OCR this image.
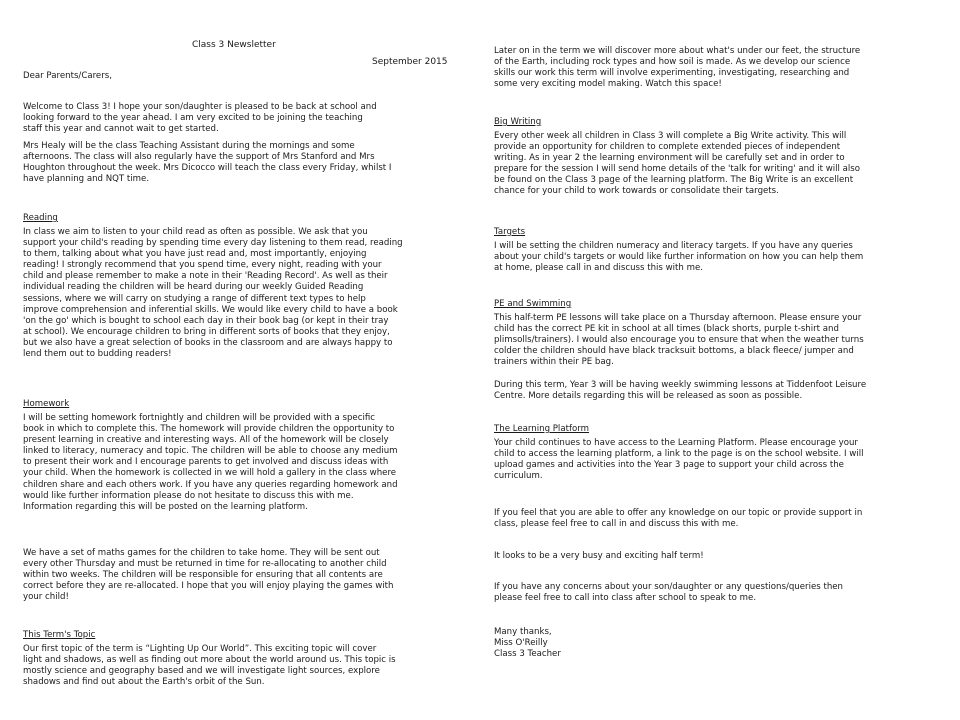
Class 3 Newsletter
September 2015

Dear Parents/Carers,

Welcome to Class 3! I hope your son/daughter is pleased to be back at school and
looking forward to the year ahead. I am very excited to be joining the teaching
staff this year and cannot wait to get started.

Mrs Healy will be the class Teaching Assistant during the mornings and some
afternoons. The class will also regularly have the support of Mrs Stanford and Mrs
Houghton throughout the week. Mrs Dicocco will teach the class every Friday, whilst I
have planning and NQT time.

Reading

In class we aim to listen to your child read as often as possible. We ask that you
support your child's reading by spending time every day listening to them read, reading
to them, talking about what you have just read and, most importantly, enjoying
reading! I strongly recommend that you spend time, every night, reading with your
child and please remember to make a note in their 'Reading Record'. As well as their
individual reading the children will be heard during our weekly Guided Reading
sessions, where we will carry on studying a range of different text types to help
improve comprehension and inferential skills. We would like every child to have a book
'on the go' which is bought to school each day in their book bag (or kept in their tray
at school). We encourage children to bring in different sorts of books that they enjoy,
but we also have a great selection of books in the classroom and are always happy to
lend them out to budding readers!

Homework

I will be setting homework fortnightly and children will be provided with a specific
book in which to complete this. The homework will provide children the opportunity to
present learning in creative and interesting ways. All of the homework will be closely
linked to literacy, numeracy and topic. The children will be able to choose any medium
to present their work and I encourage parents to get involved and discuss ideas with
your child. When the homework is collected in we will hold a gallery in the class where
children share and each others work. If you have any queries regarding homework and
would like further information please do not hesitate to discuss this with me.
Information regarding this will be posted on the learning platform.

We have a set of maths games for the children to take home. They will be sent out
every other Thursday and must be returned in time for re-allocating to another child
within two weeks. The children will be responsible for ensuring that all contents are
correct before they are re-allocated. I hope that you will enjoy playing the games with
your child!

This Term's Topic

Our first topic of the term is “Lighting Up Our World”. This exciting topic will cover
light and shadows, as well as finding out more about the world around us. This topic is
mostly science and geography based and we will investigate light sources, explore
shadows and find out about the Earth's orbit of the Sun.

Later on in the term we will discover more about what's under our feet, the structure
of the Earth, including rock types and how soil is made. As we develop our science
skills our work this term will involve experimenting, investigating, researching and
some very exciting model making. Watch this space!

Big Writing

Every other week all children in Class 3 will complete a Big Write activity. This will
provide an opportunity for children to complete extended pieces of independent
writing. As in year 2 the learning environment will be carefully set and in order to
prepare for the session I will send home details of the 'talk for writing' and it will also
be found on the Class 3 page of the learning platform. The Big Write is an excellent
chance for your child to work towards or consolidate their targets.

Targets

I will be setting the children numeracy and literacy targets. If you have any queries
about your child's targets or would like further information on how you can help them
at home, please call in and discuss this with me.

PE and Swimming

This half-term PE lessons will take place on a Thursday afternoon. Please ensure your
child has the correct PE kit in school at all times (black shorts, purple t-shirt and
plimsolls/trainers). I would also encourage you to ensure that when the weather turns
colder the children should have black tracksuit bottoms, a black fleece/ jumper and
trainers within their PE bag.

During this term, Year 3 will be having weekly swimming lessons at Tiddenfoot Leisure
Centre. More details regarding this will be released as soon as possible.

The Learning Platform

Your child continues to have access to the Learning Platform. Please encourage your
child to access the learning platform, a link to the page is on the school website. I will
upload games and activities into the Year 3 page to support your child across the
curriculum.

If you feel that you are able to offer any knowledge on our topic or provide support in
class, please feel free to call in and discuss this with me.

It looks to be a very busy and exciting half term!

If you have any concerns about your son/daughter or any questions/queries then
please feel free to call into class after school to speak to me.

Many thanks,
Miss O'Reilly
Class 3 Teacher
